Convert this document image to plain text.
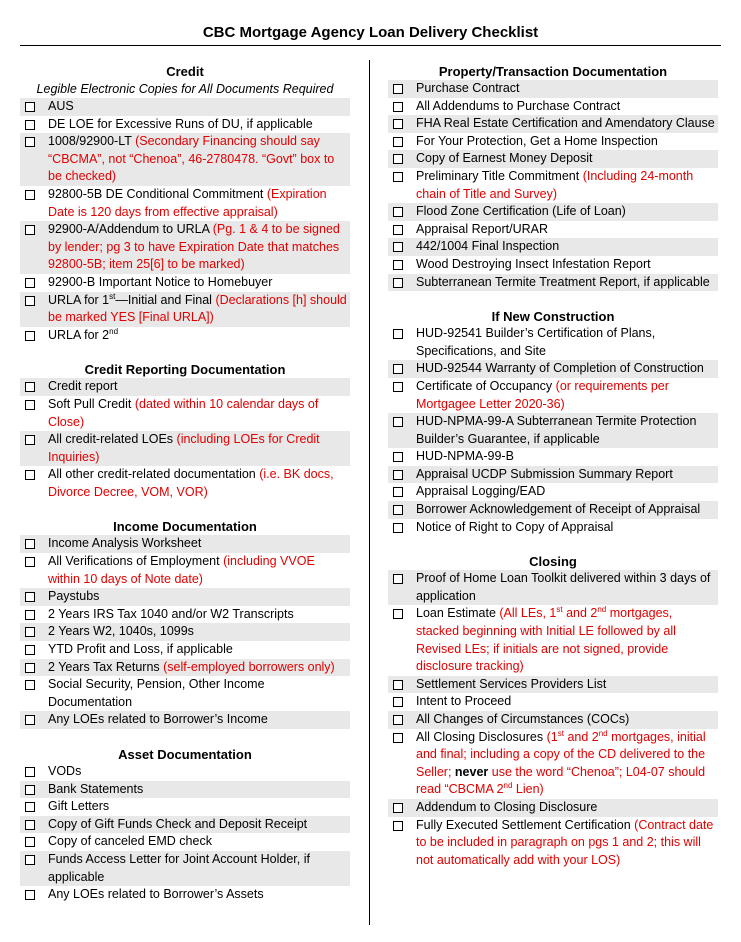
CBC Mortgage Agency Loan Delivery Checklist
Credit
Legible Electronic Copies for All Documents Required
AUS
DE LOE for Excessive Runs of DU, if applicable
1008/92900-LT (Secondary Financing should say “CBCMA”, not “Chenoa”, 46-2780478. “Govt” box to be checked)
92800-5B DE Conditional Commitment (Expiration Date is 120 days from effective appraisal)
92900-A/Addendum to URLA (Pg. 1 & 4 to be signed by lender; pg 3 to have Expiration Date that matches 92800-5B; item 25[6] to be marked)
92900-B Important Notice to Homebuyer
URLA for 1st—Initial and Final (Declarations [h] should be marked YES [Final URLA])
URLA for 2nd
Credit Reporting Documentation
Credit report
Soft Pull Credit (dated within 10 calendar days of Close)
All credit-related LOEs (including LOEs for Credit Inquiries)
All other credit-related documentation (i.e. BK docs, Divorce Decree, VOM, VOR)
Income Documentation
Income Analysis Worksheet
All Verifications of Employment (including VVOE within 10 days of Note date)
Paystubs
2 Years IRS Tax 1040 and/or W2 Transcripts
2 Years W2, 1040s, 1099s
YTD Profit and Loss, if applicable
2 Years Tax Returns (self-employed borrowers only)
Social Security, Pension, Other Income Documentation
Any LOEs related to Borrower’s Income
Asset Documentation
VODs
Bank Statements
Gift Letters
Copy of Gift Funds Check and Deposit Receipt
Copy of canceled EMD check
Funds Access Letter for Joint Account Holder, if applicable
Any LOEs related to Borrower’s Assets
Property/Transaction Documentation
Purchase Contract
All Addendums to Purchase Contract
FHA Real Estate Certification and Amendatory Clause
For Your Protection, Get a Home Inspection
Copy of Earnest Money Deposit
Preliminary Title Commitment (Including 24-month chain of Title and Survey)
Flood Zone Certification (Life of Loan)
Appraisal Report/URAR
442/1004 Final Inspection
Wood Destroying Insect Infestation Report
Subterranean Termite Treatment Report, if applicable
If New Construction
HUD-92541 Builder’s Certification of Plans, Specifications, and Site
HUD-92544 Warranty of Completion of Construction
Certificate of Occupancy (or requirements per Mortgagee Letter 2020-36)
HUD-NPMA-99-A Subterranean Termite Protection Builder’s Guarantee, if applicable
HUD-NPMA-99-B
Appraisal UCDP Submission Summary Report
Appraisal Logging/EAD
Borrower Acknowledgement of Receipt of Appraisal
Notice of Right to Copy of Appraisal
Closing
Proof of Home Loan Toolkit delivered within 3 days of application
Loan Estimate (All LEs, 1st and 2nd mortgages, stacked beginning with Initial LE followed by all Revised LEs; if initials are not signed, provide disclosure tracking)
Settlement Services Providers List
Intent to Proceed
All Changes of Circumstances (COCs)
All Closing Disclosures (1st and 2nd mortgages, initial and final; including a copy of the CD delivered to the Seller; never use the word “Chenoa”; L04-07 should read “CBCMA 2nd Lien)
Addendum to Closing Disclosure
Fully Executed Settlement Certification (Contract date to be included in paragraph on pgs 1 and 2; this will not automatically add with your LOS)
